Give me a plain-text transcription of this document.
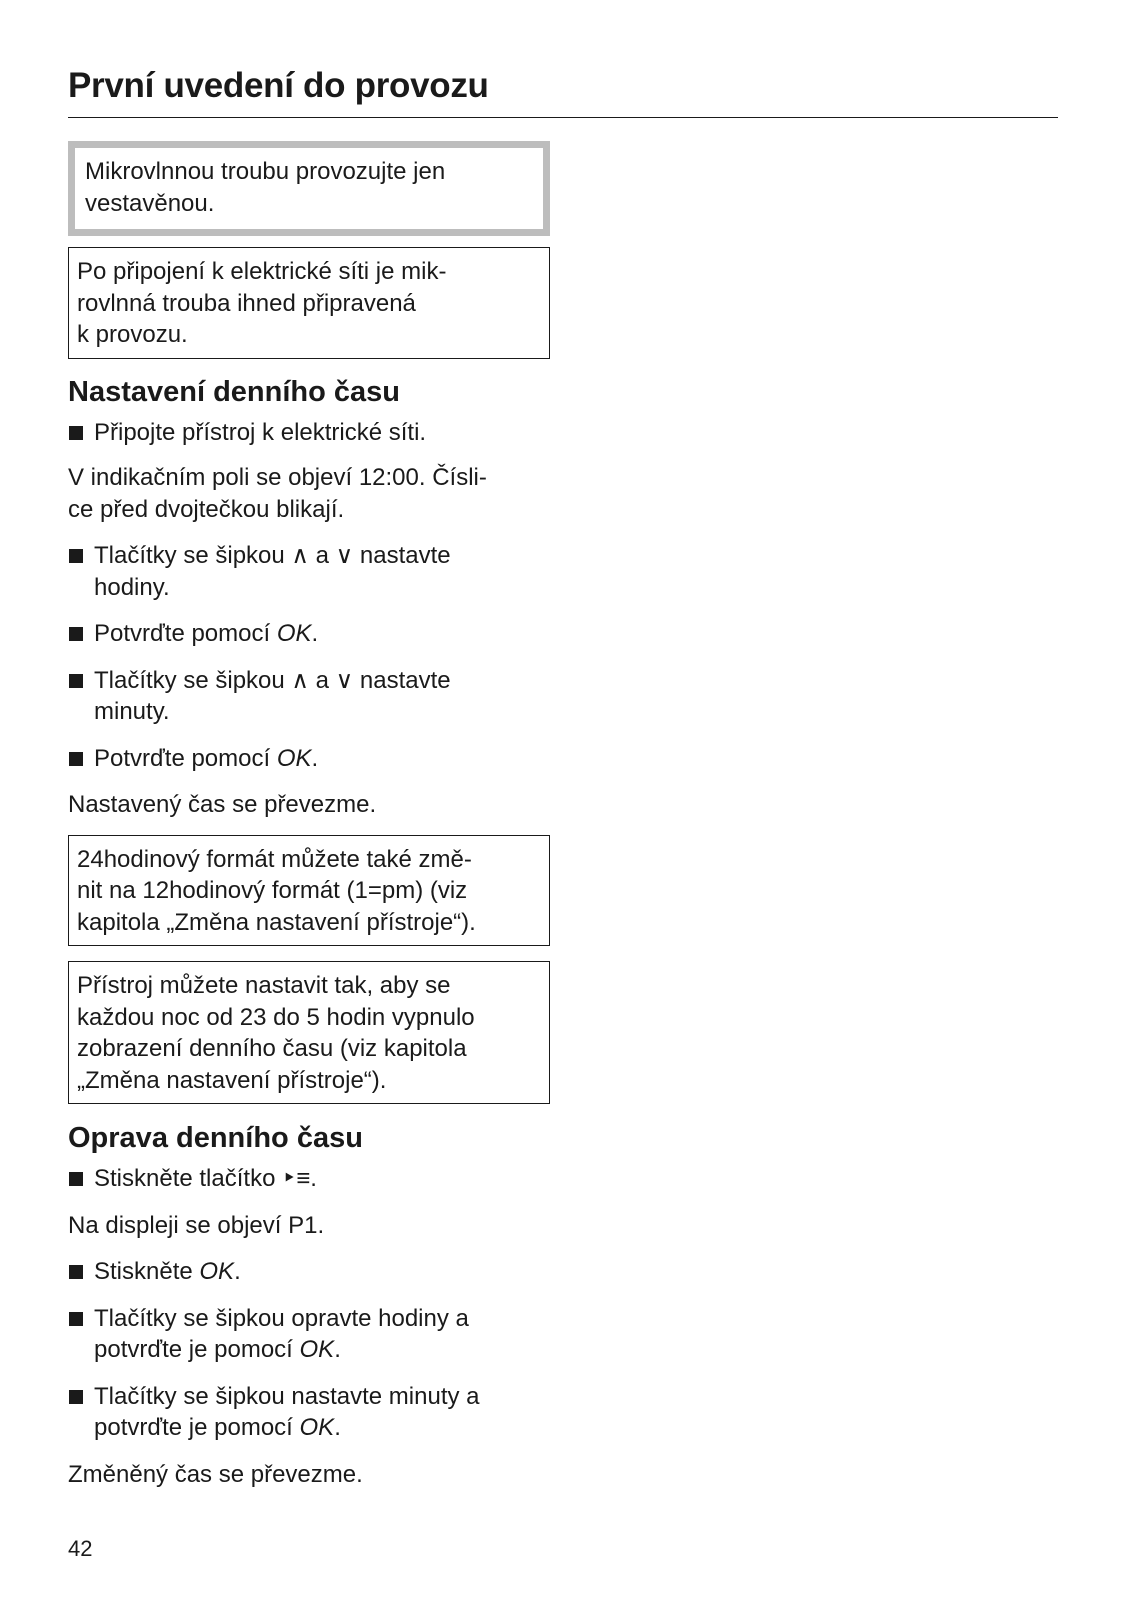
První uvedení do provozu
Mikrovlnnou troubu provozujte jen
vestavěnou.
Po připojení k elektrické síti je mik-
rovlnná trouba ihned připravená
k provozu.
Nastavení denního času
Připojte přístroj k elektrické síti.
V indikačním poli se objeví 12:00. Čísli-
ce před dvojtečkou blikají.
Tlačítky se šipkou ∧ a ∨ nastavte
hodiny.
Potvrďte pomocí OK.
Tlačítky se šipkou ∧ a ∨ nastavte
minuty.
Potvrďte pomocí OK.
Nastavený čas se převezme.
24hodinový formát můžete také změ-
nit na 12hodinový formát (1=pm) (viz
kapitola „Změna nastavení přístroje“).
Přístroj můžete nastavit tak, aby se
každou noc od 23 do 5 hodin vypnulo
zobrazení denního času (viz kapitola
„Změna nastavení přístroje“).
Oprava denního času
Stiskněte tlačítko ‣≡.
Na displeji se objeví P1.
Stiskněte OK.
Tlačítky se šipkou opravte hodiny a
potvrďte je pomocí OK.
Tlačítky se šipkou nastavte minuty a
potvrďte je pomocí OK.
Změněný čas se převezme.
42
